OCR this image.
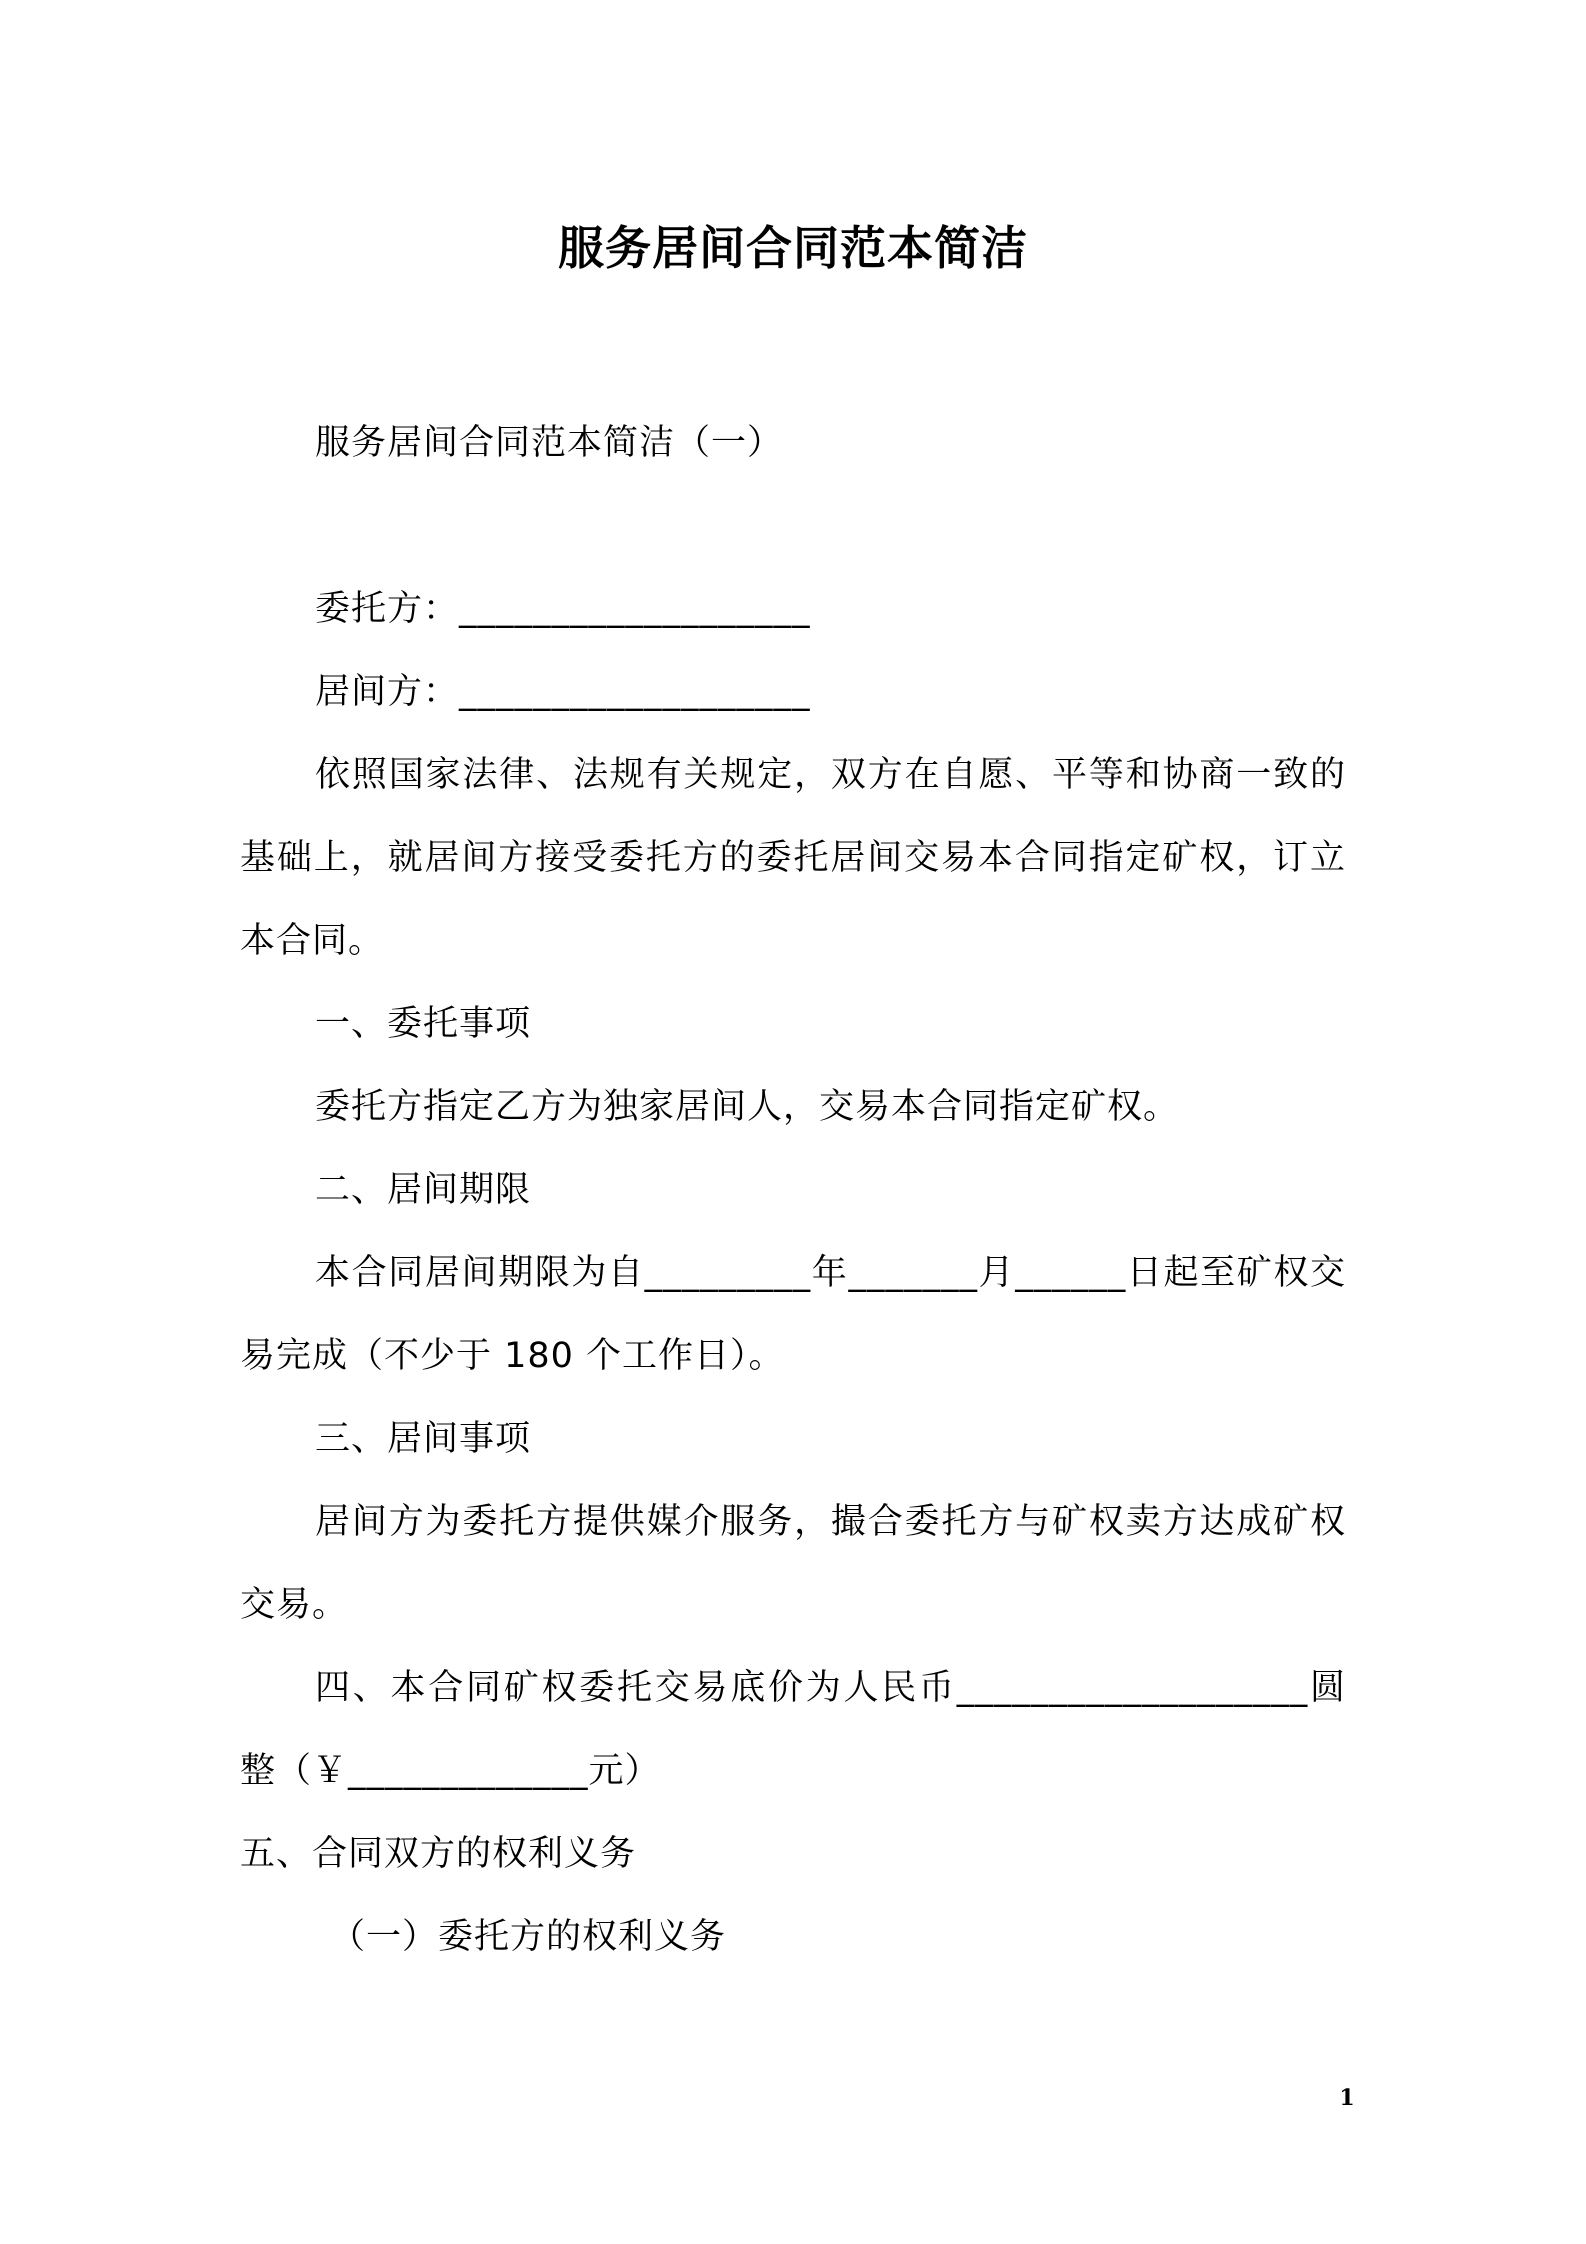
服务居间合同范本简洁

服务居间合同范本简洁（一）

委托方：___________________

居间方：___________________

依照国家法律、法规有关规定，双方在自愿、平等和协商一致的基础上，就居间方接受委托方的委托居间交易本合同指定矿权，订立本合同。

一、委托事项

委托方指定乙方为独家居间人，交易本合同指定矿权。

二、居间期限

本合同居间期限为自_________年_______月______日起至矿权交易完成（不少于 180 个工作日）。

三、居间事项

居间方为委托方提供媒介服务，撮合委托方与矿权卖方达成矿权交易。

四、本合同矿权委托交易底价为人民币___________________圆整（￥_____________元）

五、合同双方的权利义务

（一）委托方的权利义务

1
